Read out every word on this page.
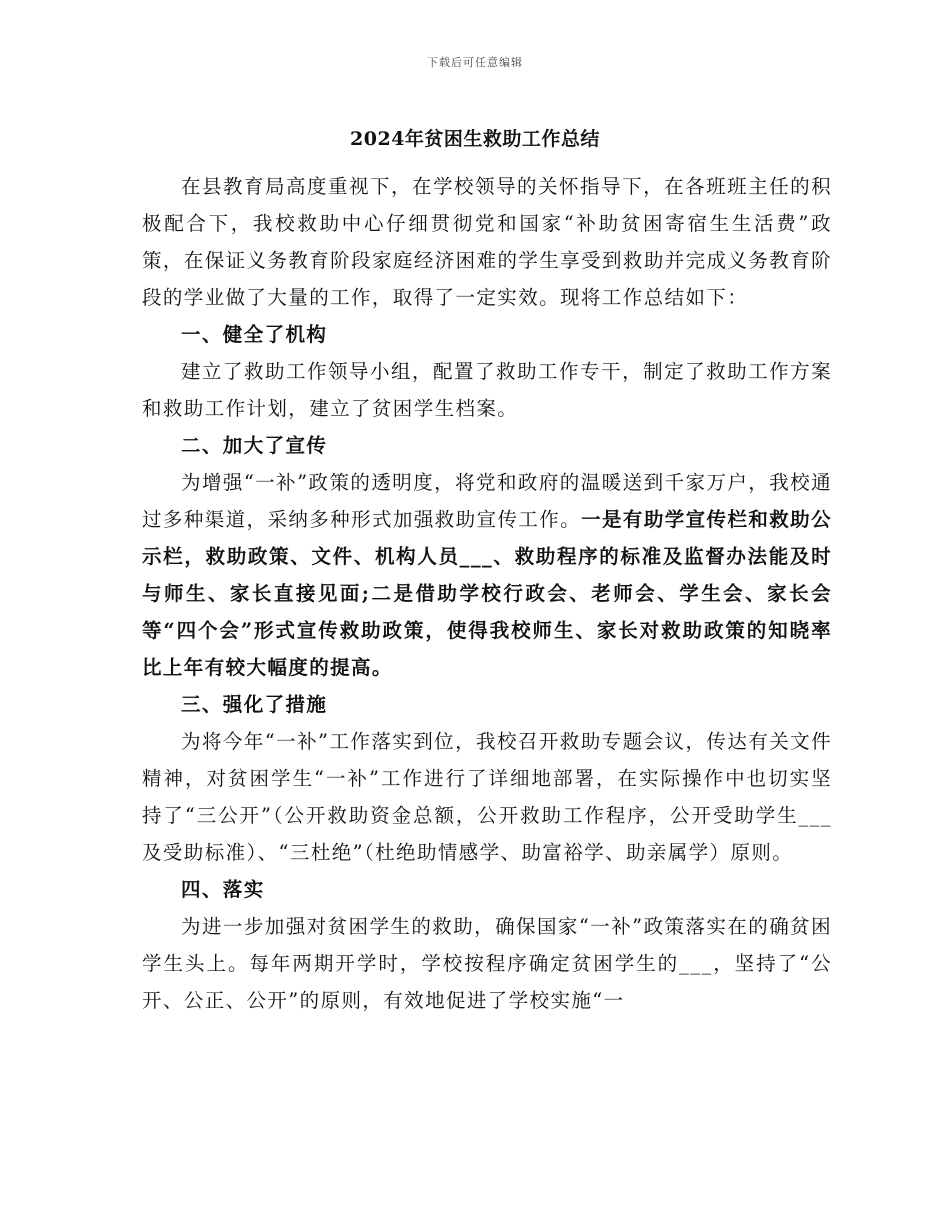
下载后可任意编辑
2024年贫困生救助工作总结

在县教育局高度重视下，在学校领导的关怀指导下，在各班班主任的积极配合下，我校救助中心仔细贯彻党和国家“补助贫困寄宿生生活费”政策，在保证义务教育阶段家庭经济困难的学生享受到救助并完成义务教育阶段的学业做了大量的工作，取得了一定实效。现将工作总结如下：

一、健全了机构

建立了救助工作领导小组，配置了救助工作专干，制定了救助工作方案和救助工作计划，建立了贫困学生档案。

二、加大了宣传

为增强“一补”政策的透明度，将党和政府的温暖送到千家万户，我校通过多种渠道，采纳多种形式加强救助宣传工作。一是有助学宣传栏和救助公示栏，救助政策、文件、机构人员___、救助程序的标准及监督办法能及时与师生、家长直接见面;二是借助学校行政会、老师会、学生会、家长会等“四个会”形式宣传救助政策，使得我校师生、家长对救助政策的知晓率比上年有较大幅度的提高。

三、强化了措施

为将今年“一补”工作落实到位，我校召开救助专题会议，传达有关文件精神，对贫困学生“一补”工作进行了详细地部署，在实际操作中也切实坚持了“三公开”（公开救助资金总额，公开救助工作程序，公开受助学生___及受助标准）、“三杜绝”（杜绝助情感学、助富裕学、助亲属学）原则。

四、落实

为进一步加强对贫困学生的救助，确保国家“一补”政策落实在的确贫困学生头上。每年两期开学时，学校按程序确定贫困学生的___，坚持了“公开、公正、公开”的原则，有效地促进了学校实施“一
